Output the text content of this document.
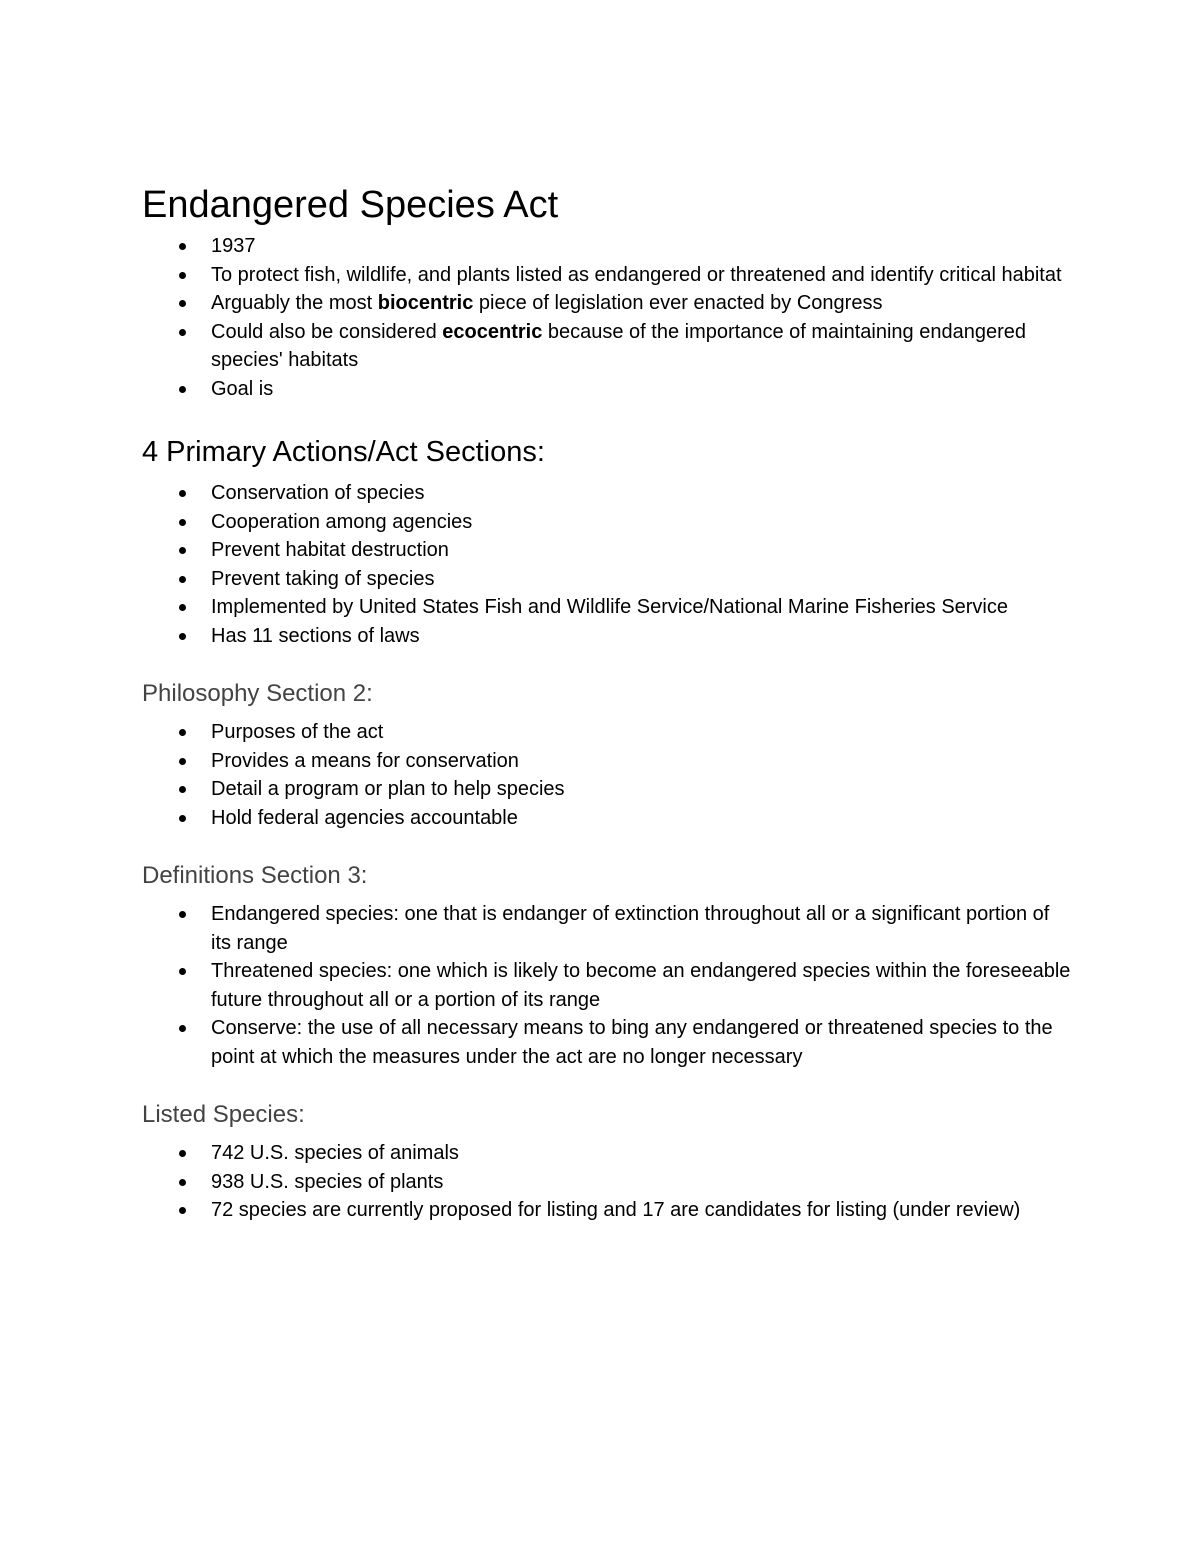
Endangered Species Act
1937
To protect fish, wildlife, and plants listed as endangered or threatened and identify critical habitat
Arguably the most biocentric piece of legislation ever enacted by Congress
Could also be considered ecocentric because of the importance of maintaining endangered species' habitats
Goal is
4 Primary Actions/Act Sections:
Conservation of species
Cooperation among agencies
Prevent habitat destruction
Prevent taking of species
Implemented by United States Fish and Wildlife Service/National Marine Fisheries Service
Has 11 sections of laws
Philosophy Section 2:
Purposes of the act
Provides a means for conservation
Detail a program or plan to help species
Hold federal agencies accountable
Definitions Section 3:
Endangered species: one that is endanger of extinction throughout all or a significant portion of its range
Threatened species: one which is likely to become an endangered species within the foreseeable future throughout all or a portion of its range
Conserve: the use of all necessary means to bing any endangered or threatened species to the point at which the measures under the act are no longer necessary
Listed Species:
742 U.S. species of animals
938 U.S. species of plants
72 species are currently proposed for listing and 17 are candidates for listing (under review)
